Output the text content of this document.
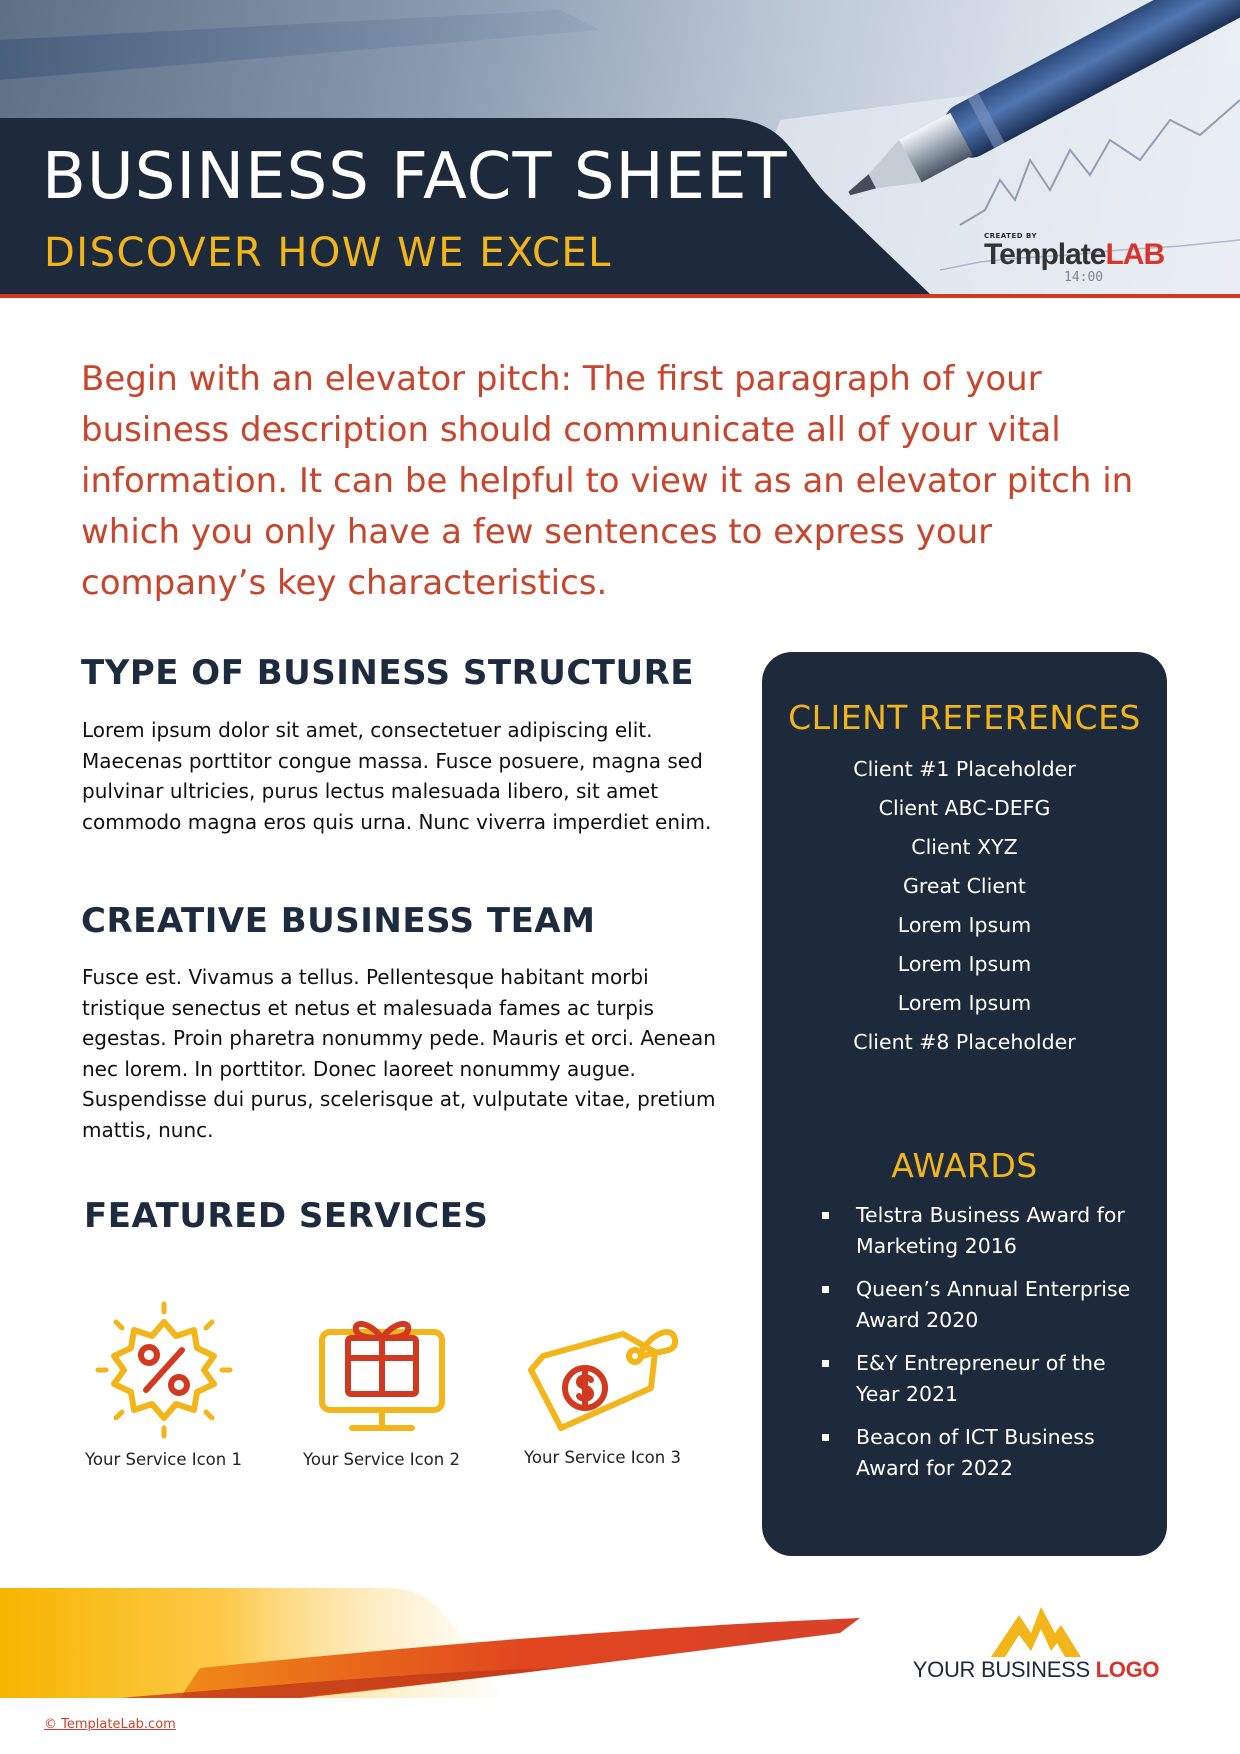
BUSINESS FACT SHEET
DISCOVER HOW WE EXCEL	CREATED BY
TemplateLAB
14:00

Begin with an elevator pitch: The first paragraph of your business description should communicate all of your vital information. It can be helpful to view it as an elevator pitch in which you only have a few sentences to express your company’s key characteristics.

TYPE OF BUSINESS STRUCTURE

Lorem ipsum dolor sit amet, consectetuer adipiscing elit. Maecenas porttitor congue massa. Fusce posuere, magna sed pulvinar ultricies, purus lectus malesuada libero, sit amet commodo magna eros quis urna. Nunc viverra imperdiet enim.

CREATIVE BUSINESS TEAM

Fusce est. Vivamus a tellus. Pellentesque habitant morbi tristique senectus et netus et malesuada fames ac turpis egestas. Proin pharetra nonummy pede. Mauris et orci. Aenean nec lorem. In porttitor. Donec laoreet nonummy augue. Suspendisse dui purus, scelerisque at, vulputate vitae, pretium mattis, nunc.

FEATURED SERVICES
Your Service Icon 1	Your Service Icon 2	Your Service Icon 3
CLIENT REFERENCES
Client #1 Placeholder
Client ABC-DEFG
Client XYZ
Great Client
Lorem Ipsum
Lorem Ipsum
Lorem Ipsum
Client #8 Placeholder
AWARDS
Telstra Business Award for Marketing 2016
Queen’s Annual Enterprise Award 2020
E&Y Entrepreneur of the Year 2021
Beacon of ICT Business Award for 2022
YOUR BUSINESS LOGO
© TemplateLab.com
